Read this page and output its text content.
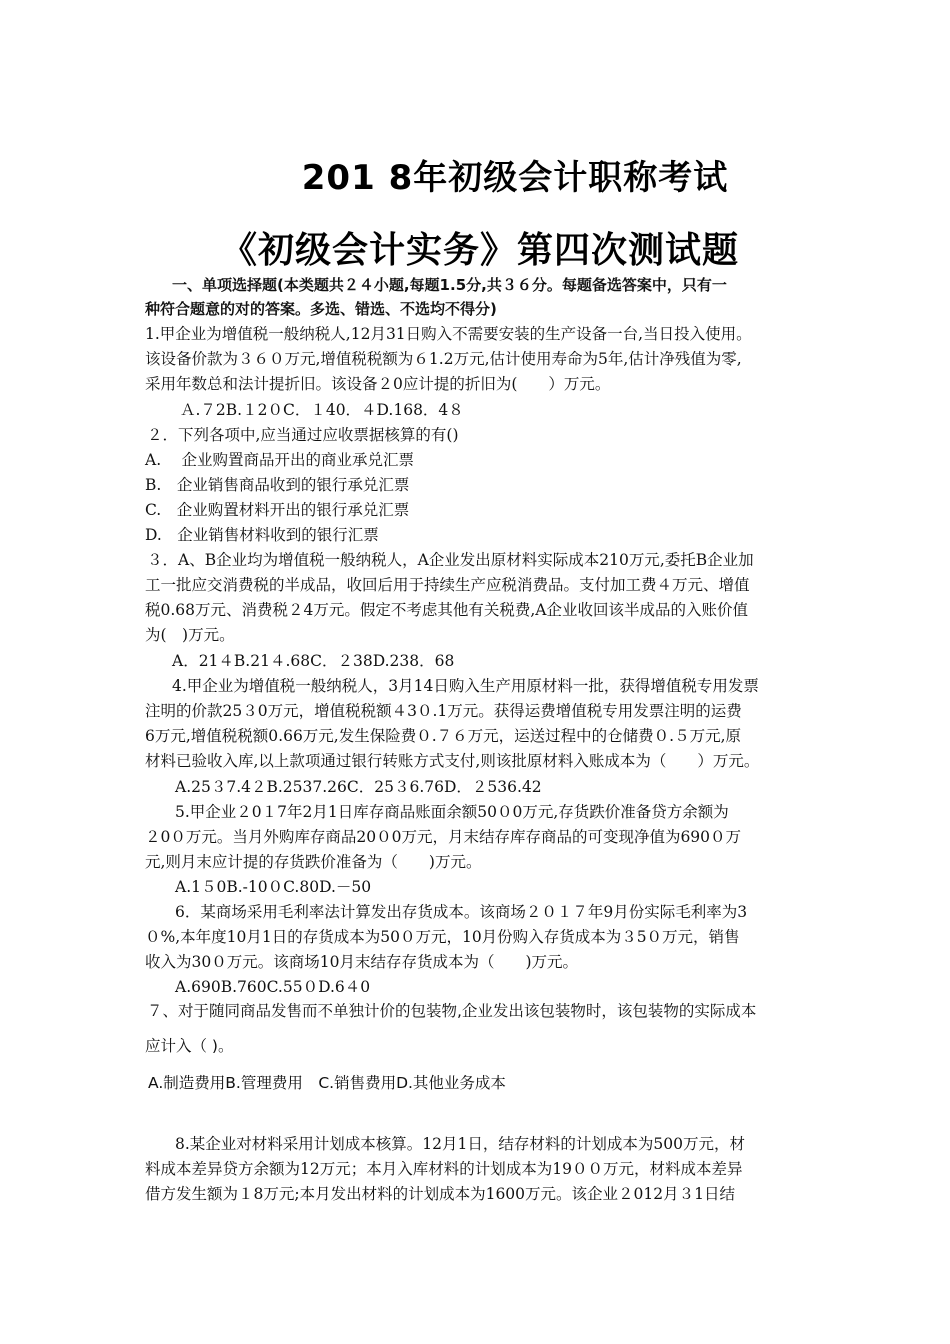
201 8年初级会计职称考试
《初级会计实务》第四次测试题
一、单项选择题(本类题共２４小题,每题1.5分,共３６分。每题备选答案中，只有一
种符合题意的对的答案。多选、错选、不选均不得分)
1.甲企业为增值税一般纳税人,12月31日购入不需要安装的生产设备一台,当日投入使用。
该设备价款为３６０万元,增值税税额为６1.2万元,估计使用寿命为5年,估计净残值为零,
采用年数总和法计提折旧。该设备２0应计提的折旧为(　　）万元。
Ａ.７2B.１2０C．１40．４D.168．4８
２．下列各项中,应当通过应收票据核算的有()
A.　 企业购置商品开出的商业承兑汇票
B.　企业销售商品收到的银行承兑汇票
C.　企业购置材料开出的银行承兑汇票
D.　企业销售材料收到的银行汇票
３．A、B企业均为增值税一般纳税人，A企业发出原材料实际成本210万元,委托B企业加
工一批应交消费税的半成品，收回后用于持续生产应税消费品。支付加工费４万元、增值
税0.68万元、消费税２4万元。假定不考虑其他有关税费,A企业收回该半成品的入账价值
为(　)万元。
A．21４B.21４.68C．２38D.238．68
4.甲企业为增值税一般纳税人，3月14日购入生产用原材料一批，获得增值税专用发票
注明的价款25３0万元，增值税税额４3０.1万元。获得运费增值税专用发票注明的运费
6万元,增值税税额0.66万元,发生保险费０.７６万元，运送过程中的仓储费０.５万元,原
材料已验收入库,以上款项通过银行转账方式支付,则该批原材料入账成本为（　　）万元。
A.25３7.4２B.2537.26C．25３6.76D．２536.42
5.甲企业２0１7年2月1日库存商品账面余额50０0万元,存货跌价准备贷方余额为
２0０万元。当月外购库存商品20０0万元，月末结存库存商品的可变现净值为690０万
元,则月末应计提的存货跌价准备为（　　)万元。
A.1５0B.-10０C.80D.－50
6．某商场采用毛利率法计算发出存货成本。该商场２０１７年9月份实际毛利率为3
０%,本年度10月1日的存货成本为50０万元，10月份购入存货成本为３5０万元，销售
收入为30０万元。该商场10月末结存存货成本为（　　)万元。
A.690B.760C.55０D.6４0
７、对于随同商品发售而不单独计价的包装物,企业发出该包装物时，该包装物的实际成本
应计入（ )。
A.制造费用B.管理费用　C.销售费用D.其他业务成本
8.某企业对材料采用计划成本核算。12月1日，结存材料的计划成本为500万元，材
料成本差异贷方余额为12万元；本月入库材料的计划成本为19００万元，材料成本差异
借方发生额为１8万元;本月发出材料的计划成本为1600万元。该企业２012月３1日结
